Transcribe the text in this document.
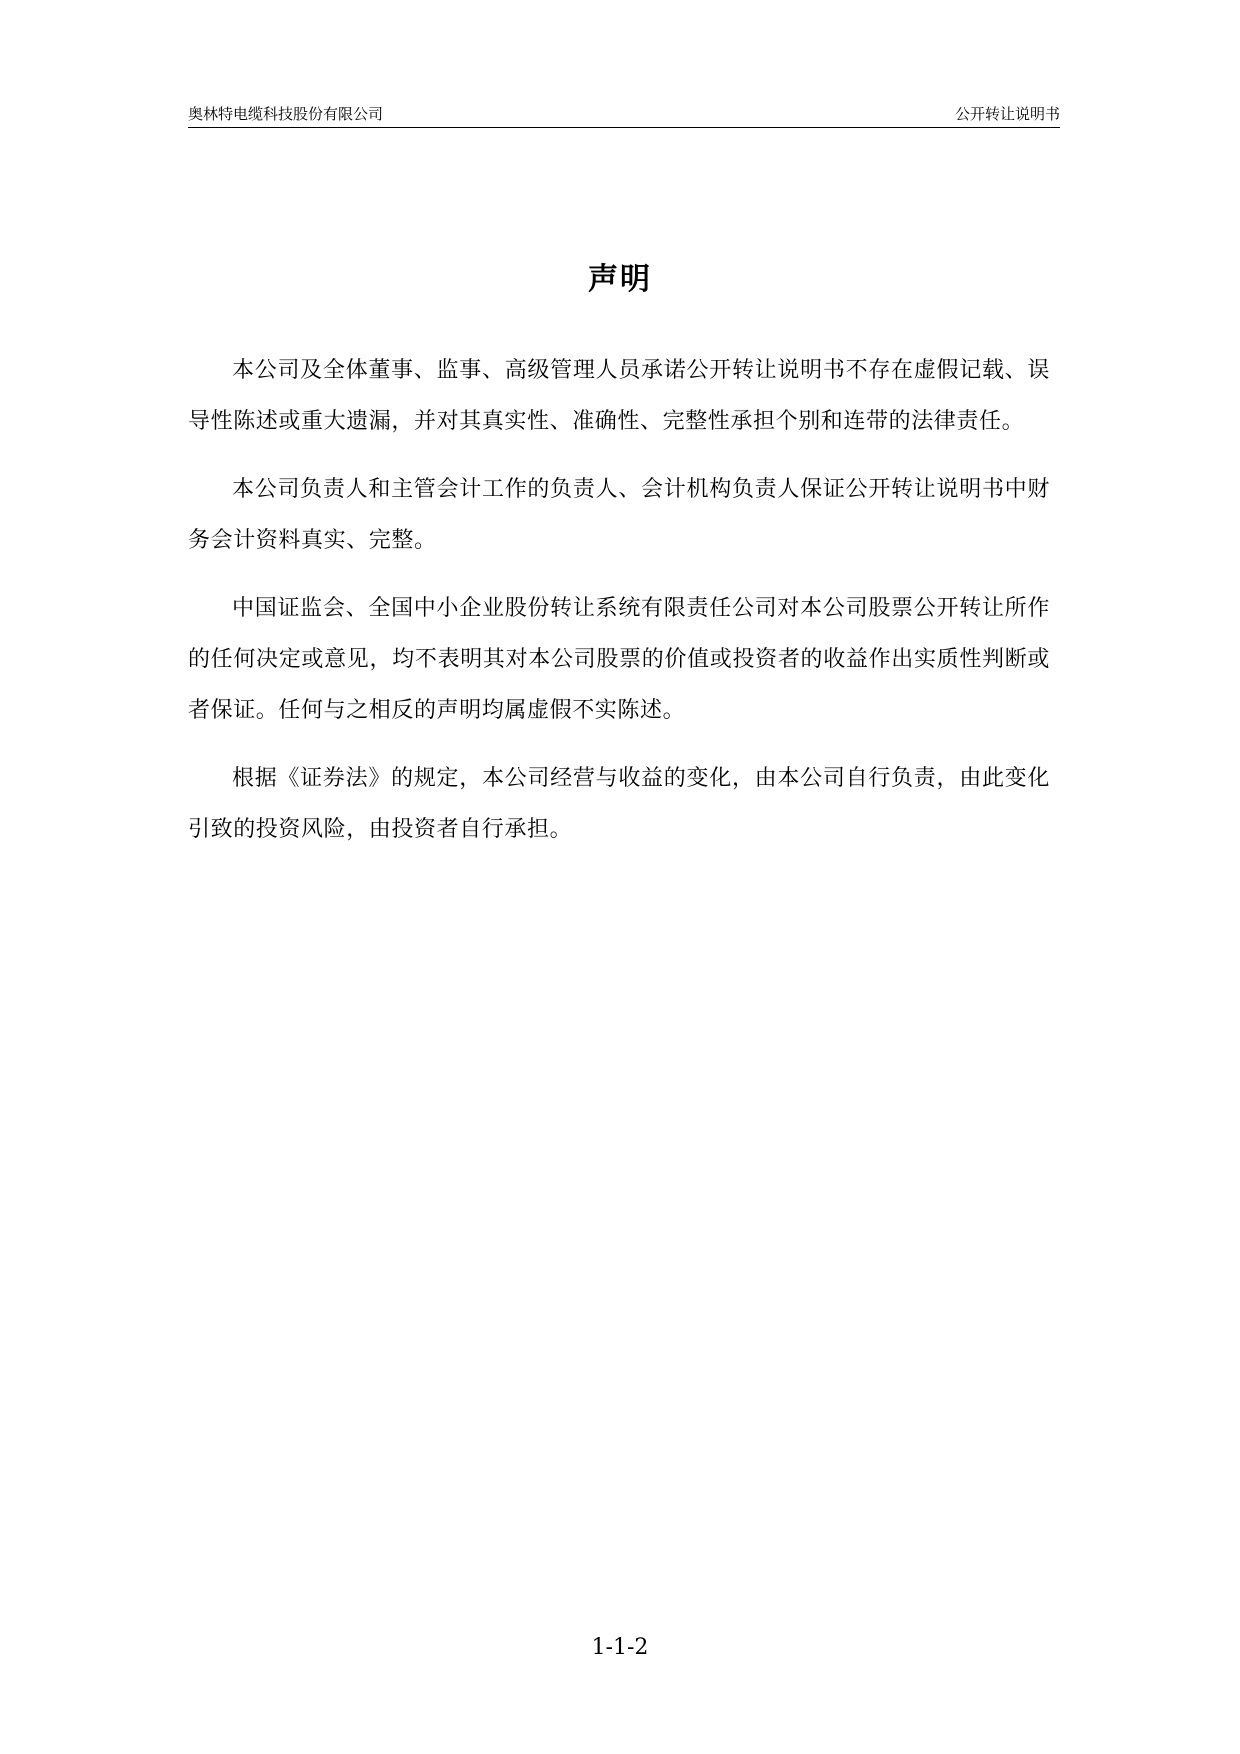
奥林特电缆科技股份有限公司	公开转让说明书
声明

本公司及全体董事、监事、高级管理人员承诺公开转让说明书不存在虚假记载、误导性陈述或重大遗漏，并对其真实性、准确性、完整性承担个别和连带的法律责任。

本公司负责人和主管会计工作的负责人、会计机构负责人保证公开转让说明书中财务会计资料真实、完整。

中国证监会、全国中小企业股份转让系统有限责任公司对本公司股票公开转让所作的任何决定或意见，均不表明其对本公司股票的价值或投资者的收益作出实质性判断或者保证。任何与之相反的声明均属虚假不实陈述。

根据《证券法》的规定，本公司经营与收益的变化，由本公司自行负责，由此变化引致的投资风险，由投资者自行承担。

1-1-2
